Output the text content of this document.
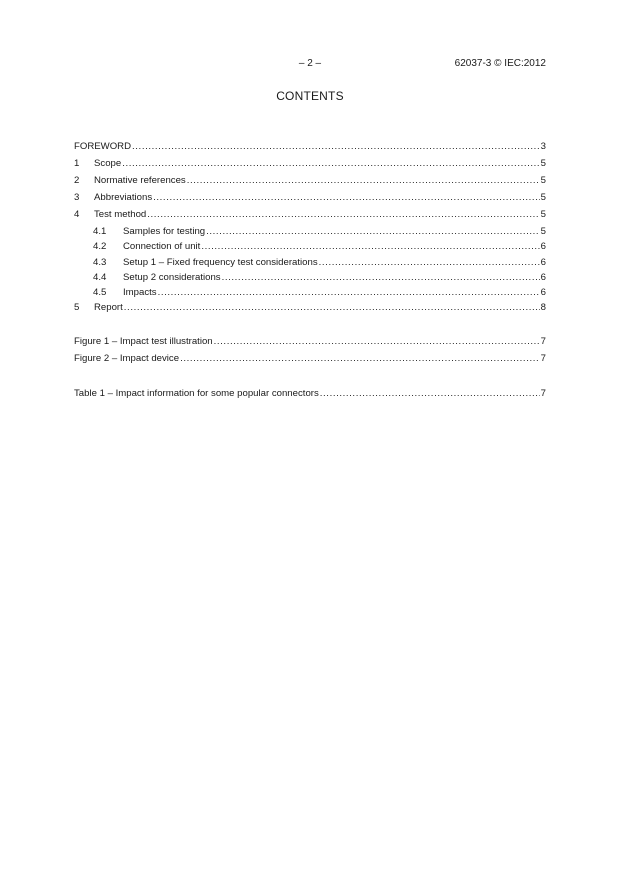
– 2 –	62037-3 © IEC:2012
CONTENTS
FOREWORD .....	3
1	Scope .....	5
2	Normative references .....	5
3	Abbreviations .....	5
4	Test method .....	5
4.1	Samples for testing .....	5
4.2	Connection of unit .....	6
4.3	Setup 1 – Fixed frequency test considerations .....	6
4.4	Setup 2 considerations .....	6
4.5	Impacts .....	6
5	Report .....	8
Figure 1 – Impact test illustration .....	7
Figure 2 – Impact device .....	7
Table 1 – Impact information for some popular connectors .....	7
